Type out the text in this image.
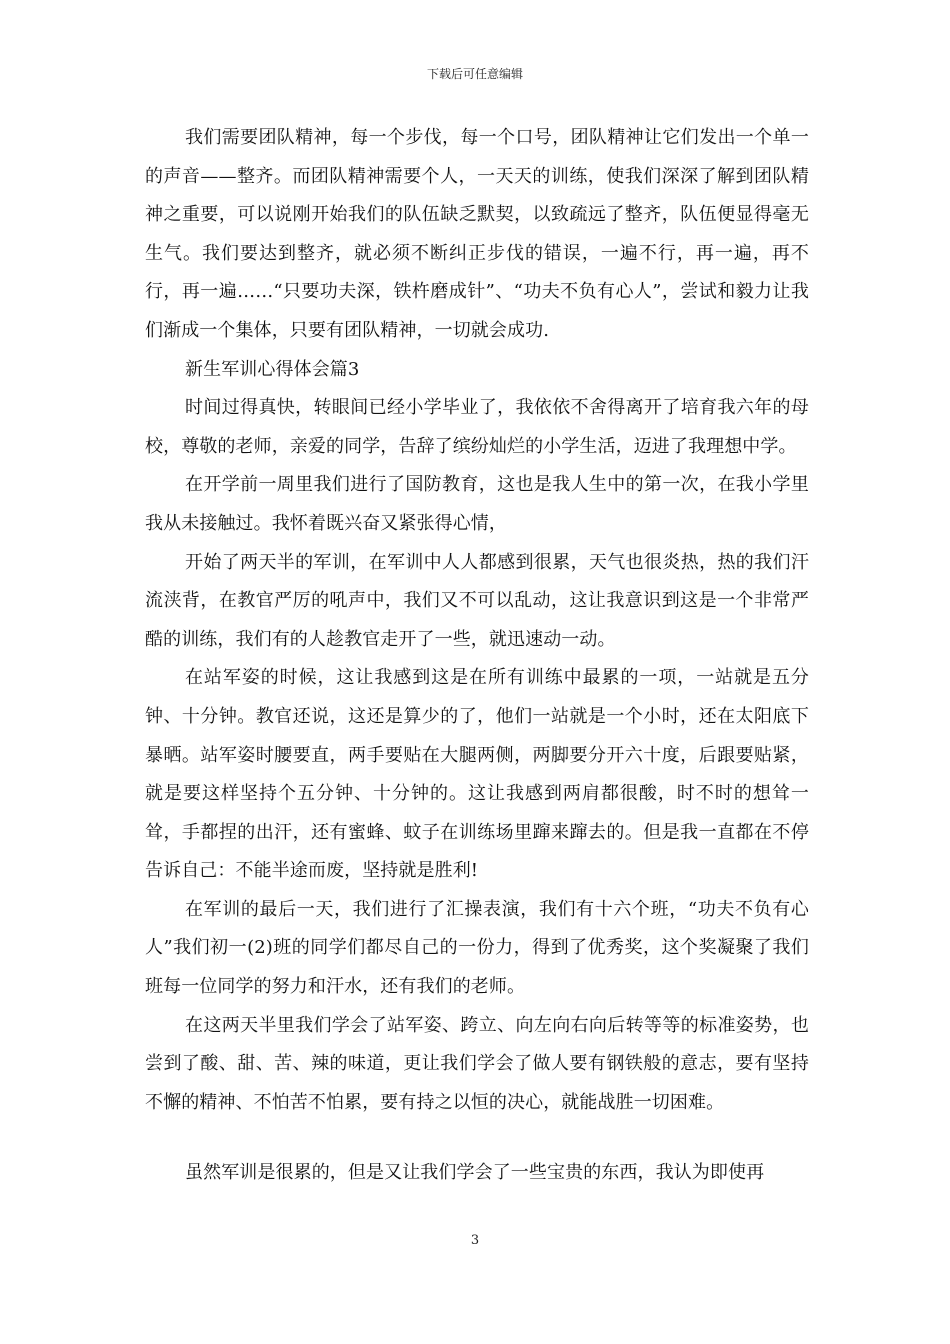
下载后可任意编辑

我们需要团队精神，每一个步伐，每一个口号，团队精神让它们发出一个单一的声音——整齐。而团队精神需要个人，一天天的训练，使我们深深了解到团队精神之重要，可以说刚开始我们的队伍缺乏默契，以致疏远了整齐，队伍便显得毫无生气。我们要达到整齐，就必须不断纠正步伐的错误，一遍不行，再一遍，再不行，再一遍……“只要功夫深，铁杵磨成针”、“功夫不负有心人”，尝试和毅力让我们渐成一个集体，只要有团队精神，一切就会成功.

新生军训心得体会篇3

时间过得真快，转眼间已经小学毕业了，我依依不舍得离开了培育我六年的母校，尊敬的老师，亲爱的同学，告辞了缤纷灿烂的小学生活，迈进了我理想中学。

在开学前一周里我们进行了国防教育，这也是我人生中的第一次，在我小学里我从未接触过。我怀着既兴奋又紧张得心情，

开始了两天半的军训，在军训中人人都感到很累，天气也很炎热，热的我们汗流浃背，在教官严厉的吼声中，我们又不可以乱动，这让我意识到这是一个非常严酷的训练，我们有的人趁教官走开了一些，就迅速动一动。

在站军姿的时候，这让我感到这是在所有训练中最累的一项，一站就是五分钟、十分钟。教官还说，这还是算少的了，他们一站就是一个小时，还在太阳底下暴晒。站军姿时腰要直，两手要贴在大腿两侧，两脚要分开六十度，后跟要贴紧，就是要这样坚持个五分钟、十分钟的。这让我感到两肩都很酸，时不时的想耸一耸，手都捏的出汗，还有蜜蜂、蚊子在训练场里蹿来蹿去的。但是我一直都在不停告诉自己：不能半途而废，坚持就是胜利!

在军训的最后一天，我们进行了汇操表演，我们有十六个班，“功夫不负有心人”我们初一(2)班的同学们都尽自己的一份力，得到了优秀奖，这个奖凝聚了我们班每一位同学的努力和汗水，还有我们的老师。

在这两天半里我们学会了站军姿、跨立、向左向右向后转等等的标准姿势，也尝到了酸、甜、苦、辣的味道，更让我们学会了做人要有钢铁般的意志，要有坚持不懈的精神、不怕苦不怕累，要有持之以恒的决心，就能战胜一切困难。

虽然军训是很累的，但是又让我们学会了一些宝贵的东西，我认为即使再

3
